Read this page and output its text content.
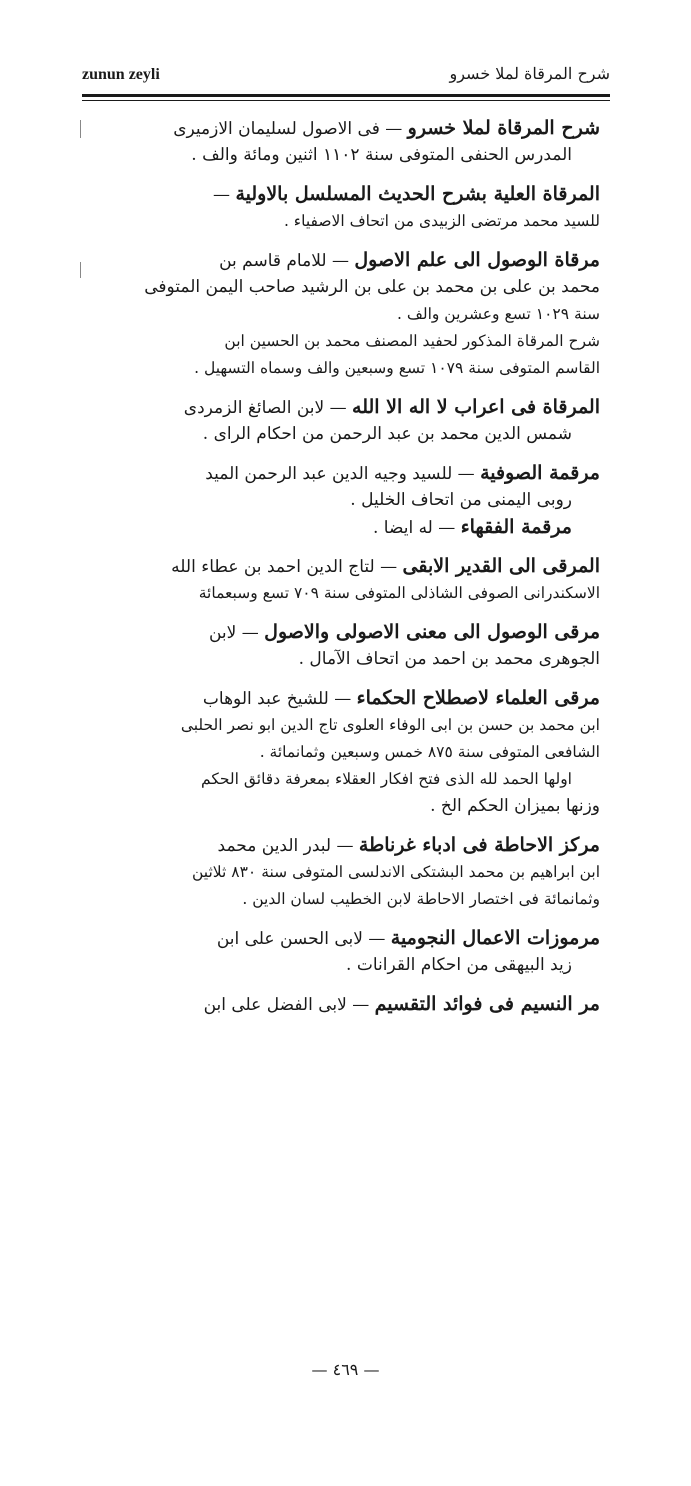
zunun zeyli	شرح المرقاة لملا خسرو
شرح المرقاة لملا خسرو — فى الاصول لسليمان الازميرى
المدرس الحنفى المتوفى سنة ١١٠٢ اثنين ومائة والف .
المرقاة العلية بشرح الحديث المسلسل بالاولية —
للسيد محمد مرتضى الزبيدى من اتحاف الاصفياء .
مرقاة الوصول الى علم الاصول — للامام قاسم بن
محمد بن على بن محمد بن على بن الرشيد صاحب اليمن المتوفى
سنة ١٠٢٩ تسع وعشرين والف .
شرح المرقاة المذكور لحفيد المصنف محمد بن الحسين ابن
القاسم المتوفى سنة ١٠٧٩ تسع وسبعين والف وسماه التسهيل .
المرقاة فى اعراب لا اله الا الله — لابن الصائغ الزمردى
شمس الدين محمد بن عبد الرحمن من احكام الراى .
مرقمة الصوفية — للسيد وجيه الدين عبد الرحمن الميد
روبى اليمنى من اتحاف الخليل .
مرقمة الفقهاء — له ايضا .
المرقى الى القدير الابقى — لتاج الدين احمد بن عطاء الله
الاسكندرانى الصوفى الشاذلى المتوفى سنة ٧٠٩ تسع وسبعمائة
مرقى الوصول الى معنى الاصولى والاصول — لابن
الجوهرى محمد بن احمد من اتحاف الآمال .
مرقى العلماء لاصطلاح الحكماء — للشيخ عبد الوهاب
ابن محمد بن حسن بن ابى الوفاء العلوى تاج الدين ابو نصر الحلبى
الشافعى المتوفى سنة ٨٧٥ خمس وسبعين وثمانمائة .
اولها الحمد لله الذى فتح افكار العقلاء بمعرفة دقائق الحكم
وزنها بميزان الحكم الخ .
مركز الاحاطة فى ادباء غرناطة — لبدر الدين محمد
ابن ابراهيم بن محمد البشتكى الاندلسى المتوفى سنة ٨٣٠ ثلاثين
وثمانمائة فى اختصار الاحاطة لابن الخطيب لسان الدين .
مرموزات الاعمال النجومية — لابى الحسن على ابن
زيد البيهقى من احكام القرانات .
مر النسيم فى فوائد التقسيم — لابى الفضل على ابن
— ٤٦٩ —
